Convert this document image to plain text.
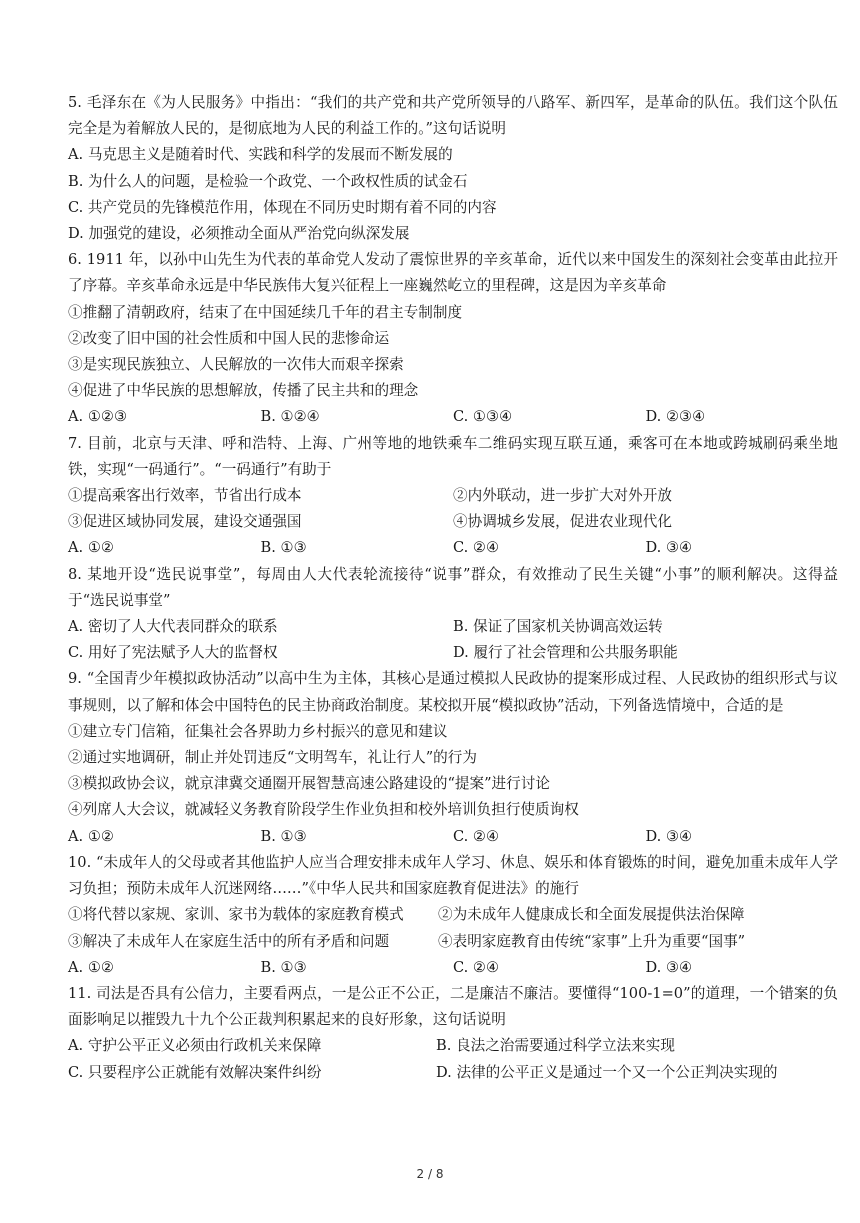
5. 毛泽东在《为人民服务》中指出：“我们的共产党和共产党所领导的八路军、新四军，是革命的队伍。我们这个队伍完全是为着解放人民的，是彻底地为人民的利益工作的。”这句话说明
A. 马克思主义是随着时代、实践和科学的发展而不断发展的
B. 为什么人的问题，是检验一个政党、一个政权性质的试金石
C. 共产党员的先锋模范作用，体现在不同历史时期有着不同的内容
D. 加强党的建设，必须推动全面从严治党向纵深发展
6. 1911 年，以孙中山先生为代表的革命党人发动了震惊世界的辛亥革命，近代以来中国发生的深刻社会变革由此拉开了序幕。辛亥革命永远是中华民族伟大复兴征程上一座巍然屹立的里程碑，这是因为辛亥革命
①推翻了清朝政府，结束了在中国延续几千年的君主专制制度
②改变了旧中国的社会性质和中国人民的悲惨命运
③是实现民族独立、人民解放的一次伟大而艰辛探索
④促进了中华民族的思想解放，传播了民主共和的理念
A. ①②③	B. ①②④	C. ①③④	D. ②③④
7. 目前，北京与天津、呼和浩特、上海、广州等地的地铁乘车二维码实现互联互通，乘客可在本地或跨城刷码乘坐地铁，实现“一码通行”。“一码通行”有助于
①提高乘客出行效率，节省出行成本	②内外联动，进一步扩大对外开放
③促进区域协同发展，建设交通强国	④协调城乡发展，促进农业现代化
A. ①②	B. ①③	C. ②④	D. ③④
8. 某地开设“选民说事堂”，每周由人大代表轮流接待“说事”群众，有效推动了民生关键“小事”的顺利解决。这得益于“选民说事堂”
A. 密切了人大代表同群众的联系	B. 保证了国家机关协调高效运转
C. 用好了宪法赋予人大的监督权	D. 履行了社会管理和公共服务职能
9. “全国青少年模拟政协活动”以高中生为主体，其核心是通过模拟人民政协的提案形成过程、人民政协的组织形式与议事规则，以了解和体会中国特色的民主协商政治制度。某校拟开展“模拟政协”活动，下列备选情境中，合适的是
①建立专门信箱，征集社会各界助力乡村振兴的意见和建议
②通过实地调研，制止并处罚违反“文明驾车，礼让行人”的行为
③模拟政协会议，就京津冀交通圈开展智慧高速公路建设的“提案”进行讨论
④列席人大会议，就减轻义务教育阶段学生作业负担和校外培训负担行使质询权
A. ①②	B. ①③	C. ②④	D. ③④
10. “未成年人的父母或者其他监护人应当合理安排未成年人学习、休息、娱乐和体育锻炼的时间，避免加重未成年人学习负担；预防未成年人沉迷网络……”《中华人民共和国家庭教育促进法》的施行
①将代替以家规、家训、家书为载体的家庭教育模式	②为未成年人健康成长和全面发展提供法治保障
③解决了未成年人在家庭生活中的所有矛盾和问题	④表明家庭教育由传统“家事”上升为重要“国事”
A. ①②	B. ①③	C. ②④	D. ③④
11. 司法是否具有公信力，主要看两点，一是公正不公正，二是廉洁不廉洁。要懂得“100-1=0”的道理，一个错案的负面影响足以摧毁九十九个公正裁判积累起来的良好形象，这句话说明
A. 守护公平正义必须由行政机关来保障	B. 良法之治需要通过科学立法来实现
C. 只要程序公正就能有效解决案件纠纷	D. 法律的公平正义是通过一个又一个公正判决实现的
2 / 8
